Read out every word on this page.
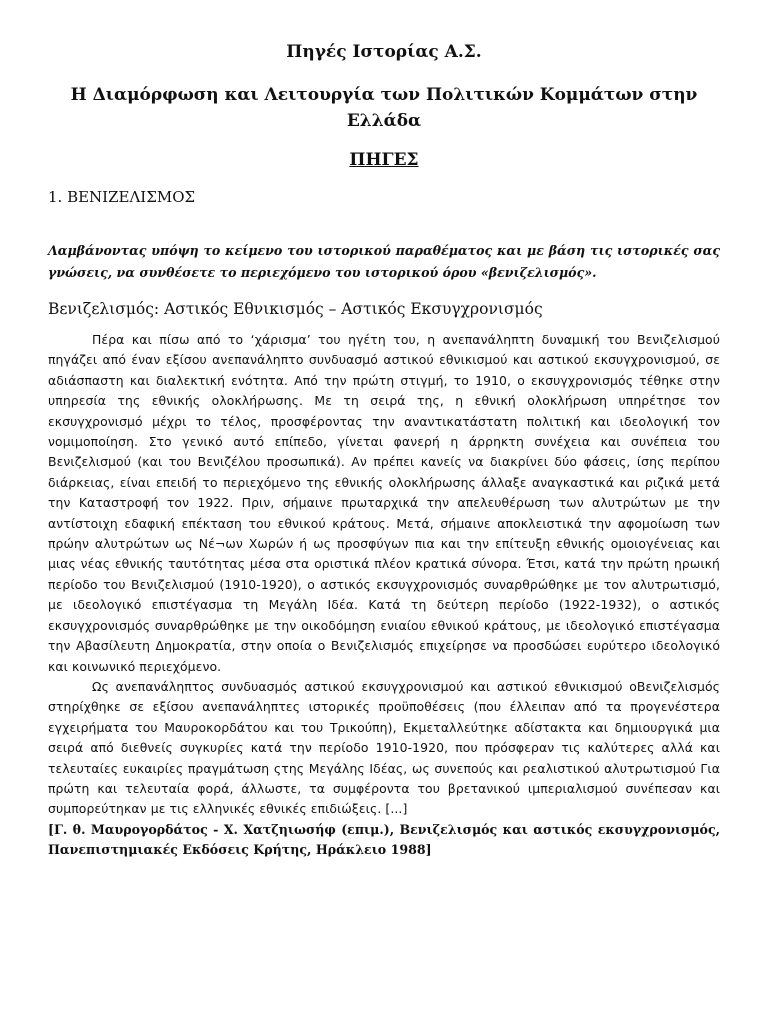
Πηγές Ιστορίας Α.Σ.
Η Διαμόρφωση και Λειτουργία των Πολιτικών Κομμάτων στην Ελλάδα
ΠΗΓΕΣ
1. ΒΕΝΙΖΕΛΙΣΜΟΣ
Λαμβάνοντας υπόψη το κείμενο του ιστορικού παραθέματος και με βάση τις ιστορικές σας γνώσεις, να συνθέσετε το περιεχόμενο του ιστορικού όρου «βενιζελισμός».
Βενιζελισμός: Αστικός Εθνικισμός – Αστικός Εκσυγχρονισμός

Πέρα και πίσω από το ‘χάρισμα’ του ηγέτη του, η ανεπανάληπτη δυναμική του Βενιζελισμού πηγάζει από έναν εξίσου ανεπανάληπτο συνδυασμό αστικού εθνικισμού και αστικού εκσυγχρονισμού, σε αδιάσπαστη και διαλεκτική ενότητα. Από την πρώτη στιγμή, το 1910, ο εκσυγχρονισμός τέθηκε στην υπηρεσία της εθνικής ολοκλήρωσης. Με τη σειρά της, η εθνική ολοκλήρωση υπηρέτησε τον εκσυγχρονισμό μέχρι το τέλος, προσφέροντας την αναντικατάστατη πολιτική και ιδεολογική τον νομιμοποίηση. Στο γενικό αυτό επίπεδο, γίνεται φανερή η άρρηκτη συνέχεια και συνέπεια του Βενιζελισμού (και του Βενιζέλου προσωπικά). Αν πρέπει κανείς να διακρίνει δύο φάσεις, ίσης περίπου διάρκειας, είναι επειδή το περιεχόμενο της εθνικής ολοκλήρωσης άλλαξε αναγκαστικά και ριζικά μετά την Καταστροφή τον 1922. Πριν, σήμαινε πρωταρχικά την απελευθέρωση των αλυτρώτων με την αντίστοιχη εδαφική επέκταση του εθνικού κράτους. Μετά, σήμαινε αποκλειστικά την αφομοίωση των πρώην αλυτρώτων ως Νέ¬ων Χωρών ή ως προσφύγων πια και την επίτευξη εθνικής ομοιογένειας και μιας νέας εθνικής ταυτότητας μέσα στα οριστικά πλέον κρατικά σύνορα. Έτσι, κατά την πρώτη ηρωική περίοδο του Βενιζελισμού (1910-1920), ο αστικός εκσυγχρονισμός συναρθρώθηκε με τον αλυτρωτισμό, με ιδεολογικό επιστέγασμα τη Μεγάλη Ιδέα. Κατά τη δεύτερη περίοδο (1922-1932), ο αστικός εκσυγχρονισμός συναρθρώθηκε με την οικοδόμηση ενιαίου εθνικού κράτους, με ιδεολογικό επιστέγασμα την Αβασίλευτη Δημοκρατία, στην οποία ο Βενιζελισμός επιχείρησε να προσδώσει ευρύτερο ιδεολογικό και κοινωνικό περιεχόμενο.

Ως ανεπανάληπτος συνδυασμός αστικού εκσυγχρονισμού και αστικού εθνικισμού οΒενιζελισμός στηρίχθηκε σε εξίσου ανεπανάληπτες ιστορικές προϋποθέσεις (που έλλειπαν από τα προγενέστερα εγχειρήματα του Μαυροκορδάτου και του Τρικούπη), Εκμεταλλεύτηκε αδίστακτα και δημιουργικά μια σειρά από διεθνείς συγκυρίες κατά την περίοδο 1910-1920, που πρόσφεραν τις καλύτερες αλλά και τελευταίες ευκαιρίες πραγμάτωση ςτης Μεγάλης Ιδέας, ως συνεπούς και ρεαλιστικού αλυτρωτισμού Για πρώτη και τελευταία φορά, άλλωστε, τα συμφέροντα του βρετανικού ιμπεριαλισμού συνέπεσαν και συμπορεύτηκαν με τις ελληνικές εθνικές επιδιώξεις. [...]

[Γ. θ. Μαυρογορδάτος - Χ. Χατζηιωσήφ (επιμ.), Βενιζελισμός και αστικός εκσυγχρονισμός, Πανεπιστημιακές Εκδόσεις Κρήτης, Ηράκλειο 1988]
